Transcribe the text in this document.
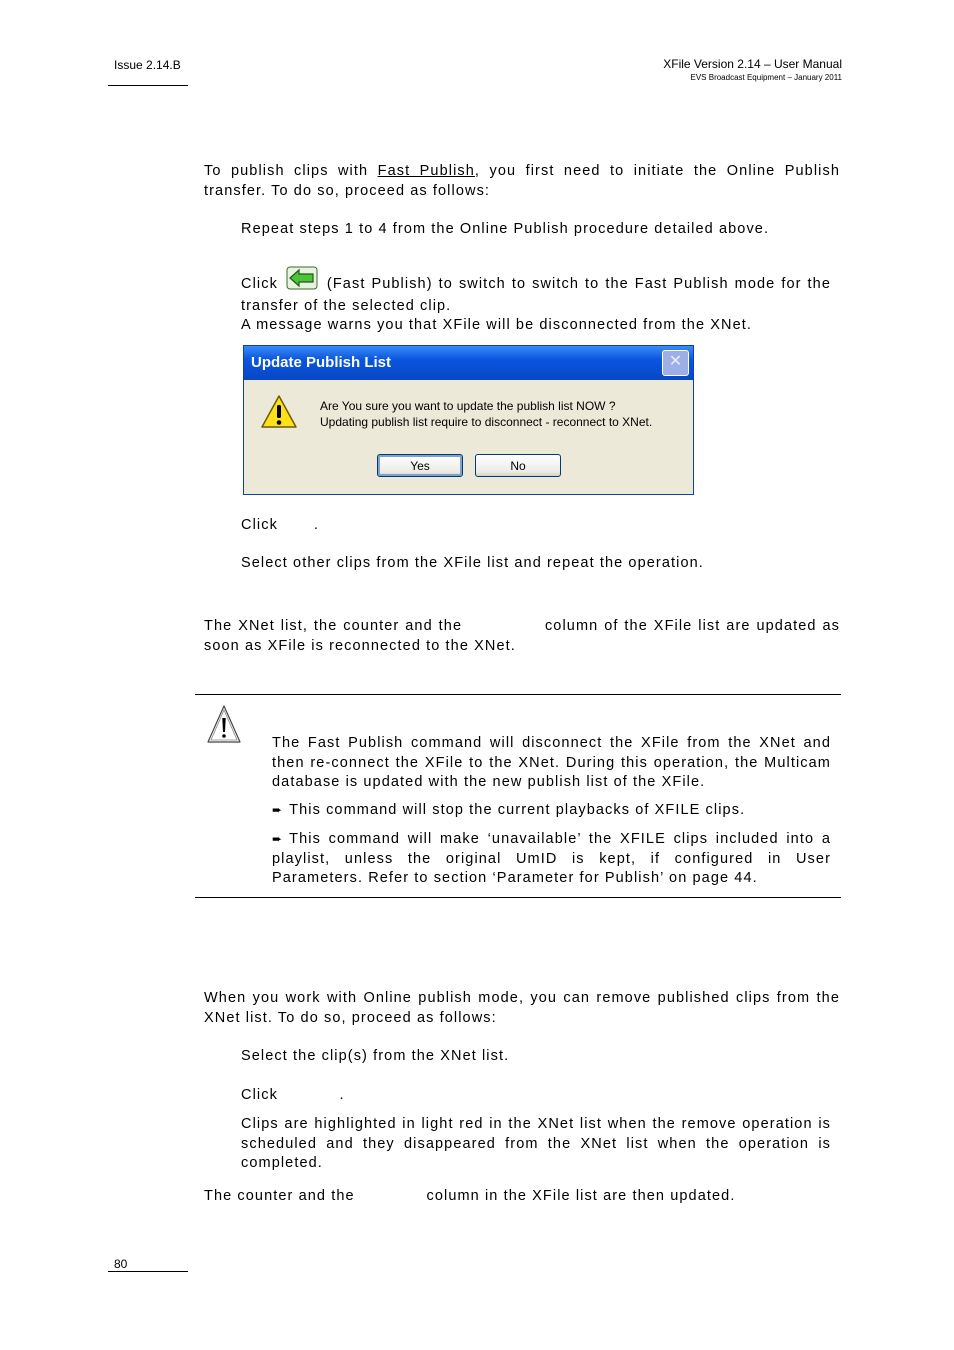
Issue 2.14.B	XFile Version 2.14 – User Manual
EVS Broadcast Equipment – January 2011
To publish clips with Fast Publish, you first need to initiate the Online Publish transfer. To do so, proceed as follows:
Repeat steps 1 to 4 from the Online Publish procedure detailed above.
Click	(Fast Publish) to switch to switch to the Fast Publish mode for the transfer of the selected clip.
A message warns you that XFile will be disconnected from the XNet.
Update Publish List	✕
Are You sure you want to update the publish list NOW ?
Updating publish list require to disconnect - reconnect to XNet.
Yes	No
Click       .
Select other clips from the XFile list and repeat the operation.
The XNet list, the counter and the              column of the XFile list are updated as soon as XFile is reconnected to the XNet.
The Fast Publish command will disconnect the XFile from the XNet and then re-connect the XFile to the XNet. During this operation, the Multicam database is updated with the new publish list of the XFile.
➨ This command will stop the current playbacks of XFILE clips.
➨ This command will make ‘unavailable’ the XFILE clips included into a playlist, unless the original UmID is kept, if configured in User Parameters. Refer to section ‘Parameter for Publish’ on page 44.
When you work with Online publish mode, you can remove published clips from the XNet list. To do so, proceed as follows:
Select the clip(s) from the XNet list.
Click            .
Clips are highlighted in light red in the XNet list when the remove operation is scheduled and they disappeared from the XNet list when the operation is completed.
The counter and the              column in the XFile list are then updated.
80
